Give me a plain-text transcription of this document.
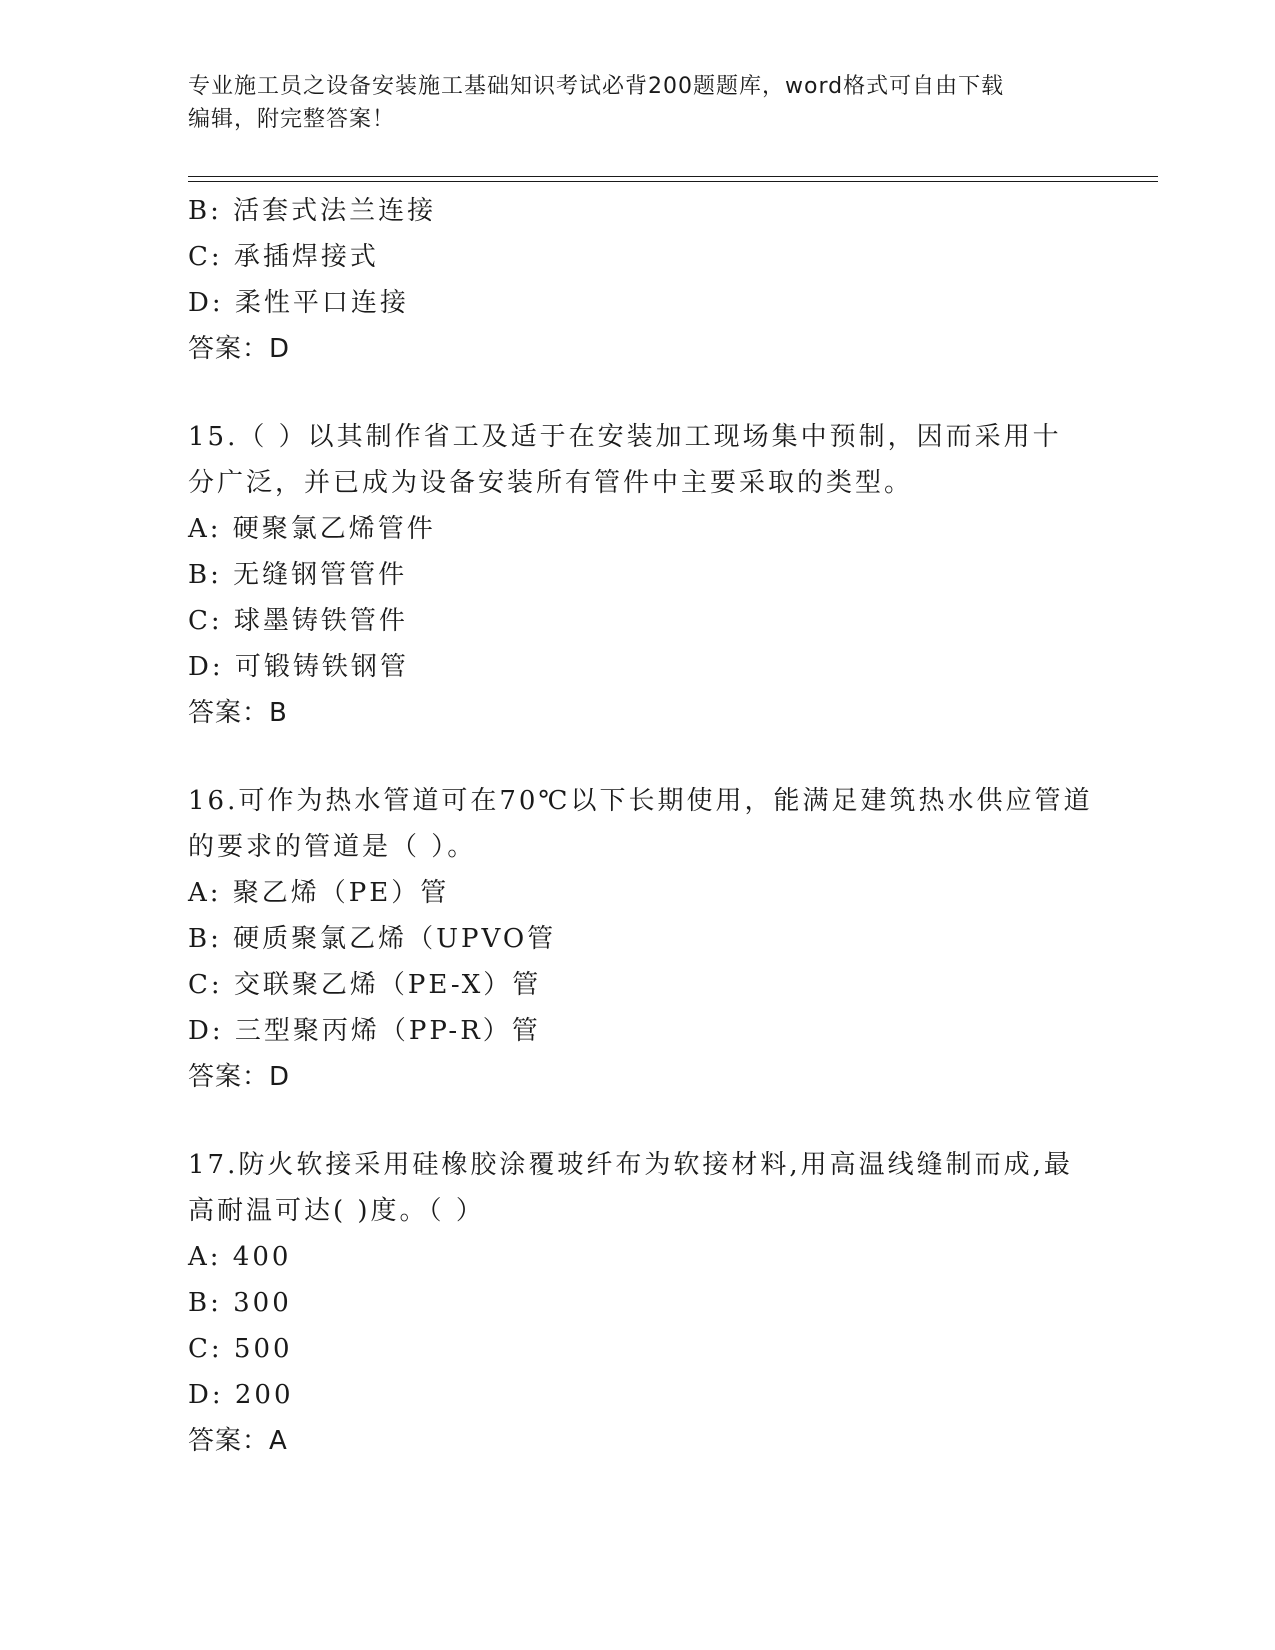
专业施工员之设备安装施工基础知识考试必背200题题库，word格式可自由下载
编辑，附完整答案！
B: 活套式法兰连接
C: 承插焊接式
D: 柔性平口连接
答案：D
15.（ ）以其制作省工及适于在安装加工现场集中预制，因而采用十
分广泛，并已成为设备安装所有管件中主要采取的类型。
A: 硬聚氯乙烯管件
B: 无缝钢管管件
C: 球墨铸铁管件
D: 可锻铸铁钢管
答案：B
16.可作为热水管道可在70℃以下长期使用，能满足建筑热水供应管道
的要求的管道是（ ）。
A: 聚乙烯（PE）管
B: 硬质聚氯乙烯（UPVO管
C: 交联聚乙烯（PE-X）管
D: 三型聚丙烯（PP-R）管
答案：D
17.防火软接采用硅橡胶涂覆玻纤布为软接材料,用高温线缝制而成,最
高耐温可达( )度。（ ）
A: 400
B: 300
C: 500
D: 200
答案：A
